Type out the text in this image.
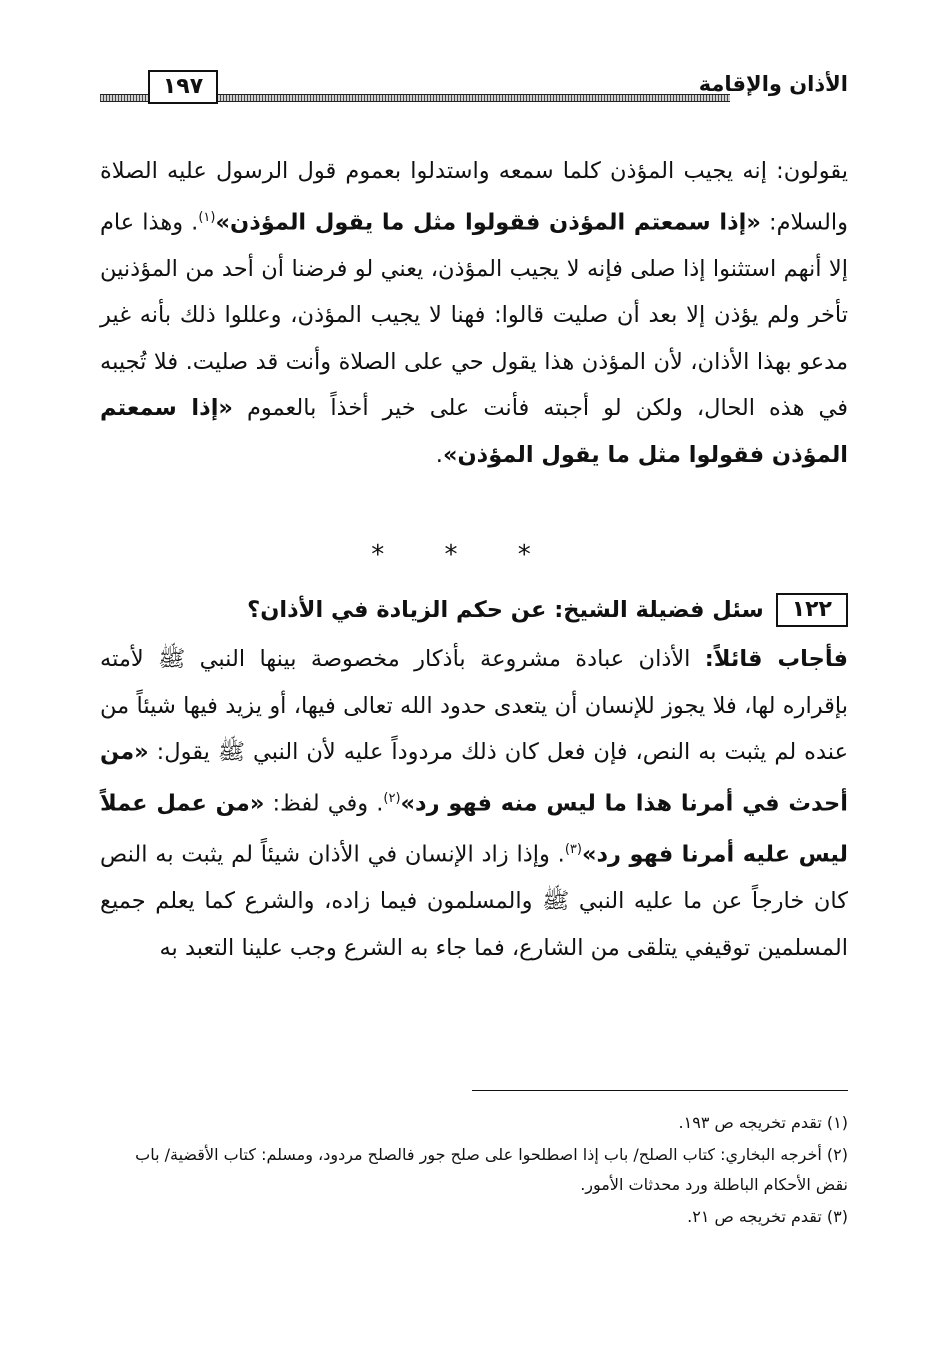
١٩٧	الأذان والإقامة

يقولون: إنه يجيب المؤذن كلما سمعه واستدلوا بعموم قول الرسول عليه الصلاة والسلام: «إذا سمعتم المؤذن فقولوا مثل ما يقول المؤذن»$^{(١)}$. وهذا عام إلا أنهم استثنوا إذا صلى فإنه لا يجيب المؤذن، يعني لو فرضنا أن أحد من المؤذنين تأخر ولم يؤذن إلا بعد أن صليت قالوا: فهنا لا يجيب المؤذن، وعللوا ذلك بأنه غير مدعو بهذا الأذان، لأن المؤذن هذا يقول حي على الصلاة وأنت قد صليت. فلا تُجيبه في هذه الحال، ولكن لو أجبته فأنت على خير أخذاً بالعموم «إذا سمعتم المؤذن فقولوا مثل ما يقول المؤذن».

* * *
١٢٢
سئل فضيلة الشيخ: عن حكم الزيادة في الأذان؟

فأجاب قائلاً: الأذان عبادة مشروعة بأذكار مخصوصة بينها النبي ﷺ لأمته بإقراره لها، فلا يجوز للإنسان أن يتعدى حدود الله تعالى فيها، أو يزيد فيها شيئاً من عنده لم يثبت به النص، فإن فعل كان ذلك مردوداً عليه لأن النبي ﷺ يقول: «من أحدث في أمرنا هذا ما ليس منه فهو رد»$^{(٢)}$. وفي لفظ: «من عمل عملاً ليس عليه أمرنا فهو رد»$^{(٣)}$. وإذا زاد الإنسان في الأذان شيئاً لم يثبت به النص كان خارجاً عن ما عليه النبي ﷺ والمسلمون فيما زاده، والشرع كما يعلم جميع المسلمين توقيفي يتلقى من الشارع، فما جاء به الشرع وجب علينا التعبد به

(١) تقدم تخريجه ص ١٩٣.

(٢) أخرجه البخاري: كتاب الصلح/ باب إذا اصطلحوا على صلح جور فالصلح مردود، ومسلم: كتاب الأقضية/ باب نقض الأحكام الباطلة ورد محدثات الأمور.

(٣) تقدم تخريجه ص ٢١.
